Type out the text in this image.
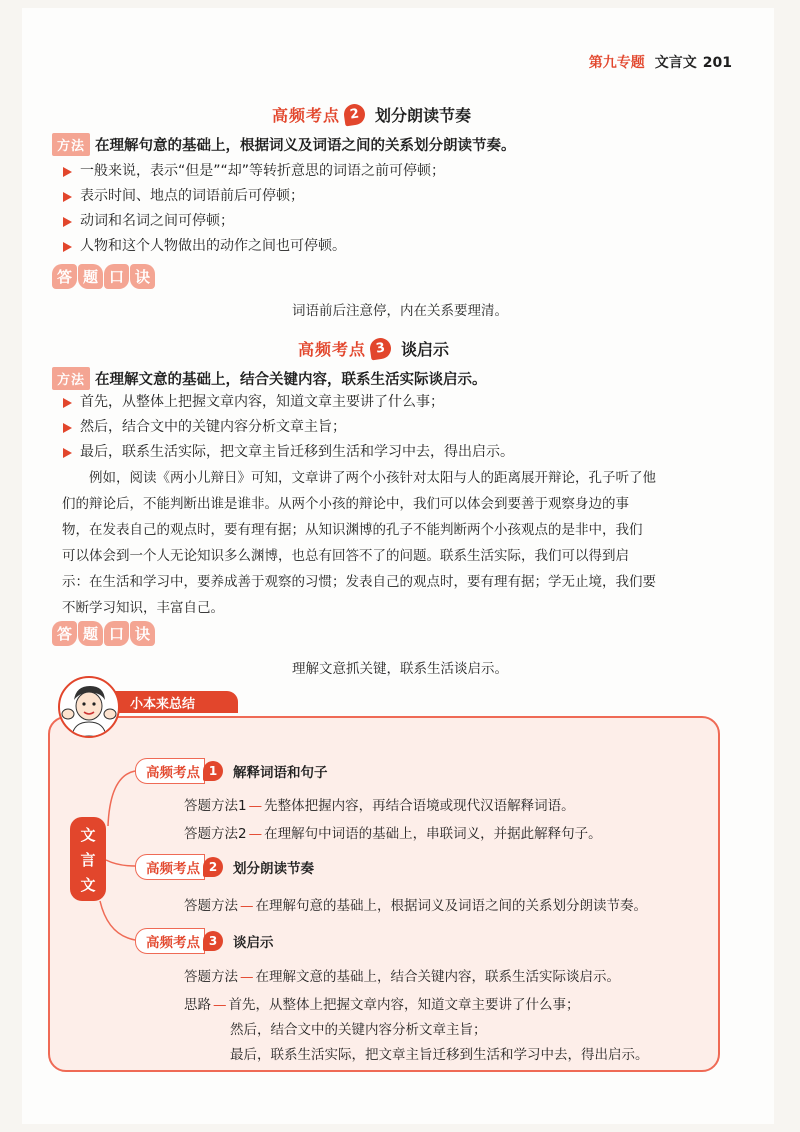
第九专题 文言文 201
高频考点 2 划分朗读节奏
方法 在理解句意的基础上，根据词义及词语之间的关系划分朗读节奏。
一般来说，表示“但是”“却”等转折意思的词语之前可停顿；
表示时间、地点的词语前后可停顿；
动词和名词之间可停顿；
人物和这个人物做出的动作之间也可停顿。
答 题 口 诀
词语前后注意停，内在关系要理清。
高频考点 3 谈启示
方法 在理解文意的基础上，结合关键内容，联系生活实际谈启示。
首先，从整体上把握文章内容，知道文章主要讲了什么事；
然后，结合文中的关键内容分析文章主旨；
最后，联系生活实际，把文章主旨迁移到生活和学习中去，得出启示。
　　例如，阅读《两小儿辩日》可知，文章讲了两个小孩针对太阳与人的距离展开辩论，孔子听了他
们的辩论后，不能判断出谁是谁非。从两个小孩的辩论中，我们可以体会到要善于观察身边的事
物，在发表自己的观点时，要有理有据；从知识渊博的孔子不能判断两个小孩观点的是非中，我们
可以体会到一个人无论知识多么渊博，也总有回答不了的问题。联系生活实际，我们可以得到启
示：在生活和学习中，要养成善于观察的习惯；发表自己的观点时，要有理有据；学无止境，我们要
不断学习知识，丰富自己。
答 题 口 诀
理解文意抓关键，联系生活谈启示。
小本来总结
文
言
文
高频考点 1	解释词语和句子
答题方法1 — 先整体把握内容，再结合语境或现代汉语解释词语。
答题方法2 — 在理解句中词语的基础上，串联词义，并据此解释句子。
高频考点 2	划分朗读节奏
答题方法 — 在理解句意的基础上，根据词义及词语之间的关系划分朗读节奏。
高频考点 3	谈启示
答题方法 — 在理解文意的基础上，结合关键内容，联系生活实际谈启示。
思路 — 首先，从整体上把握文章内容，知道文章主要讲了什么事；
然后，结合文中的关键内容分析文章主旨；
最后，联系生活实际，把文章主旨迁移到生活和学习中去，得出启示。
